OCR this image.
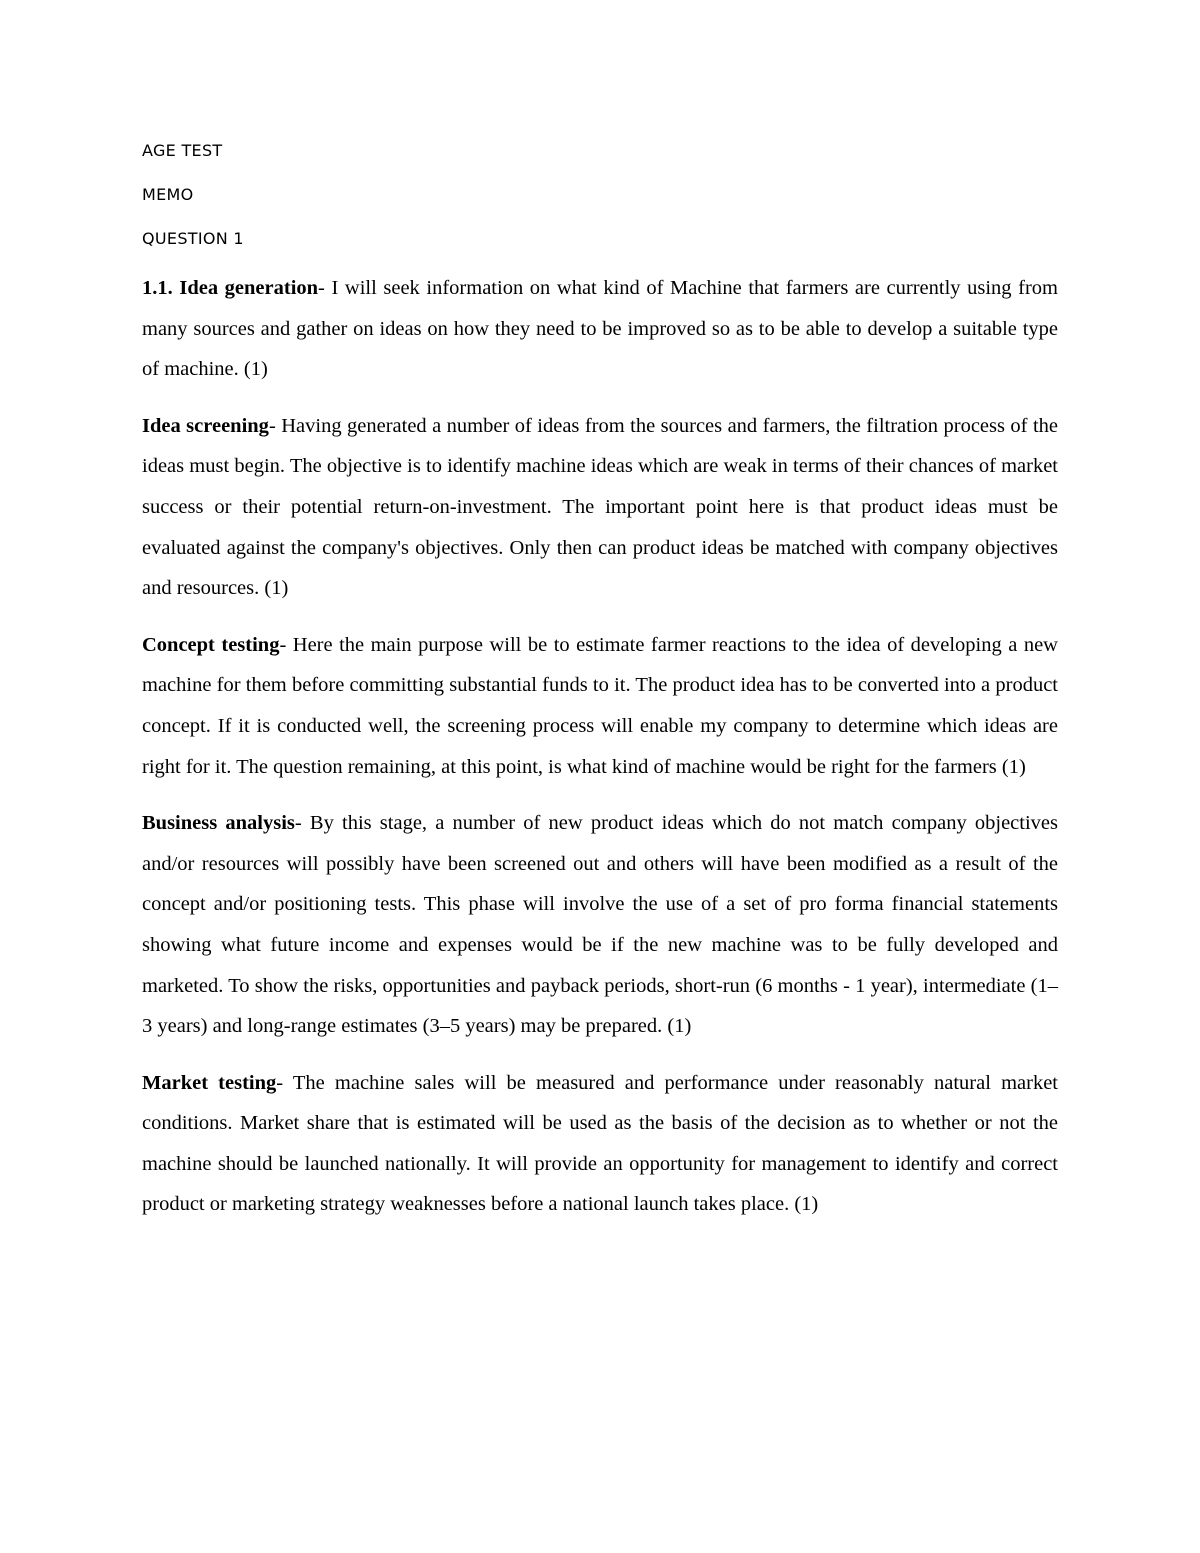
AGE TEST
MEMO
QUESTION 1

1.1. Idea generation- I will seek information on what kind of Machine that farmers are currently using from many sources and gather on ideas on how they need to be improved so as to be able to develop a suitable type of machine. (1)

Idea screening- Having generated a number of ideas from the sources and farmers, the filtration process of the ideas must begin. The objective is to identify machine ideas which are weak in terms of their chances of market success or their potential return-on-investment. The important point here is that product ideas must be evaluated against the company's objectives. Only then can product ideas be matched with company objectives and resources. (1)

Concept testing- Here the main purpose will be to estimate farmer reactions to the idea of developing a new machine for them before committing substantial funds to it. The product idea has to be converted into a product concept. If it is conducted well, the screening process will enable my company to determine which ideas are right for it. The question remaining, at this point, is what kind of machine would be right for the farmers (1)

Business analysis- By this stage, a number of new product ideas which do not match company objectives and/or resources will possibly have been screened out and others will have been modified as a result of the concept and/or positioning tests. This phase will involve the use of a set of pro forma financial statements showing what future income and expenses would be if the new machine was to be fully developed and marketed. To show the risks, opportunities and payback periods, short-run (6 months - 1 year), intermediate (1–3 years) and long-range estimates (3–5 years) may be prepared. (1)

Market testing- The machine sales will be measured and performance under reasonably natural market conditions. Market share that is estimated will be used as the basis of the decision as to whether or not the machine should be launched nationally. It will provide an opportunity for management to identify and correct product or marketing strategy weaknesses before a national launch takes place. (1)
